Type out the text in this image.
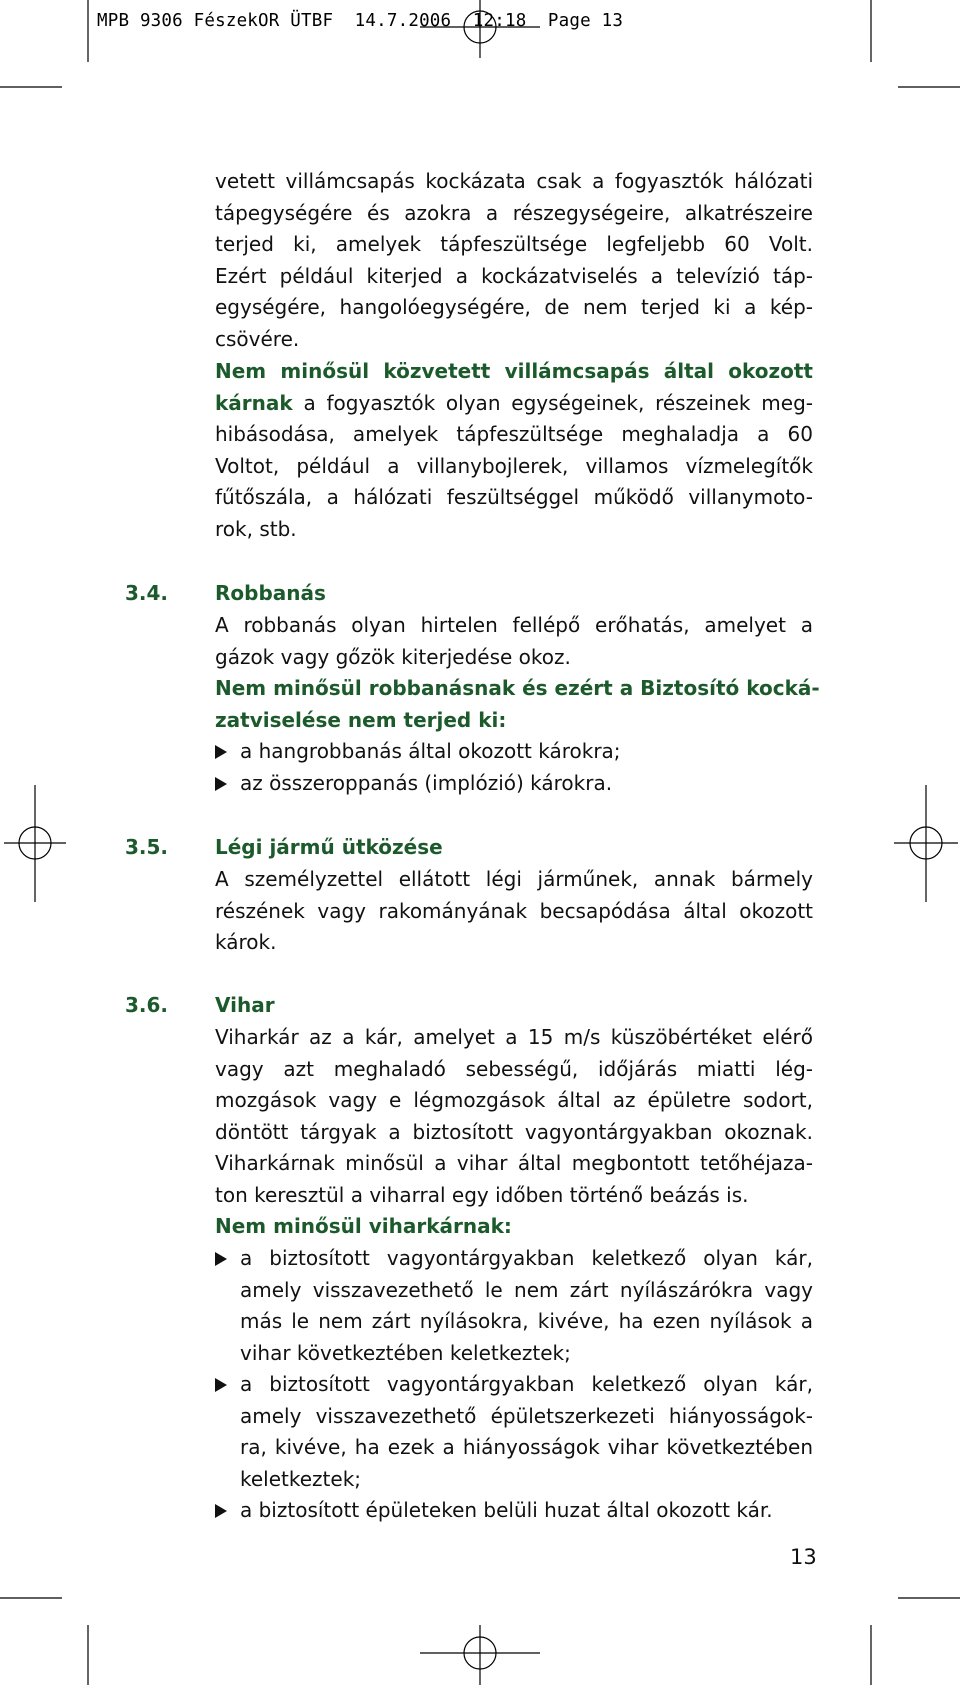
MPB 9306 FészekOR ÜTBF  14.7.2006  12:18  Page 13
vetett villámcsapás kockázata csak a fogyasztók hálózati
tápegységére és azokra a részegységeire, alkatrészeire
terjed ki, amelyek tápfeszültsége legfeljebb 60 Volt.
Ezért például kiterjed a kockázatviselés a televízió táp-
egységére, hangolóegységére, de nem terjed ki a kép-
csövére.
Nem minősül közvetett villámcsapás által okozott
kárnak a fogyasztók olyan egységeinek, részeinek meg-
hibásodása, amelyek tápfeszültsége meghaladja a 60
Voltot, például a villanybojlerek, villamos vízmelegítők
fűtőszála, a hálózati feszültséggel működő villanymoto-
rok, stb.
3.4. Robbanás
A robbanás olyan hirtelen fellépő erőhatás, amelyet a
gázok vagy gőzök kiterjedése okoz.
Nem minősül robbanásnak és ezért a Biztosító kocká-
zatviselése nem terjed ki:
a hangrobbanás által okozott károkra;
az összeroppanás (implózió) károkra.
3.5. Légi jármű ütközése
A személyzettel ellátott légi járműnek, annak bármely
részének vagy rakományának becsapódása által okozott
károk.
3.6. Vihar
Viharkár az a kár, amelyet a 15 m/s küszöbértéket elérő
vagy azt meghaladó sebességű, időjárás miatti lég-
mozgások vagy e légmozgások által az épületre sodort,
döntött tárgyak a biztosított vagyontárgyakban okoznak.
Viharkárnak minősül a vihar által megbontott tetőhéjaza-
ton keresztül a viharral egy időben történő beázás is.
Nem minősül viharkárnak:
a biztosított vagyontárgyakban keletkező olyan kár,
amely visszavezethető le nem zárt nyílászárókra vagy
más le nem zárt nyílásokra, kivéve, ha ezen nyílások a
vihar következtében keletkeztek;
a biztosított vagyontárgyakban keletkező olyan kár,
amely visszavezethető épületszerkezeti hiányosságok-
ra, kivéve, ha ezek a hiányosságok vihar következtében
keletkeztek;
a biztosított épületeken belüli huzat által okozott kár.
13
